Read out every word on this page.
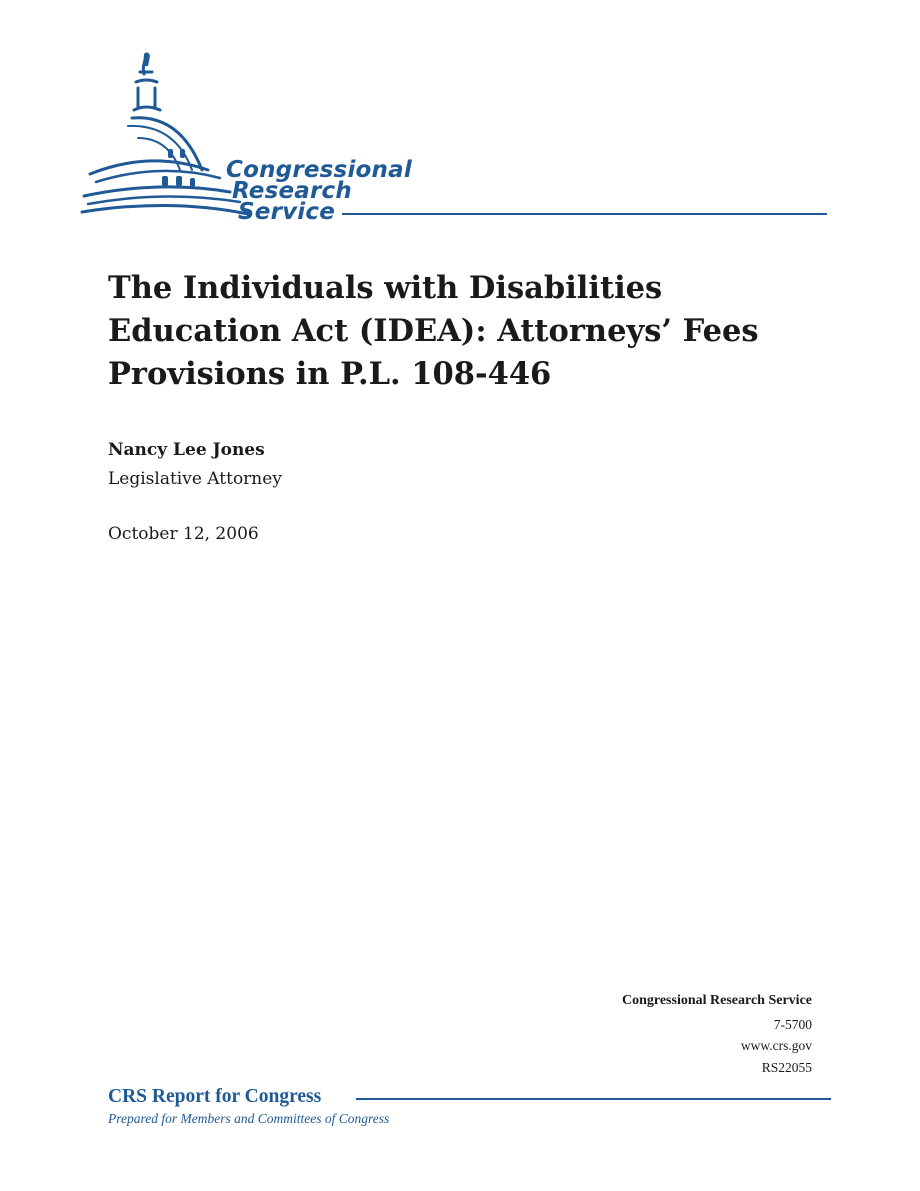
Congressional
Research
Service
The Individuals with Disabilities Education Act (IDEA): Attorneys’ Fees Provisions in P.L. 108-446
Nancy Lee Jones
Legislative Attorney
October 12, 2006
Congressional Research Service
7-5700
www.crs.gov
RS22055
CRS Report for Congress
Prepared for Members and Committees of Congress
